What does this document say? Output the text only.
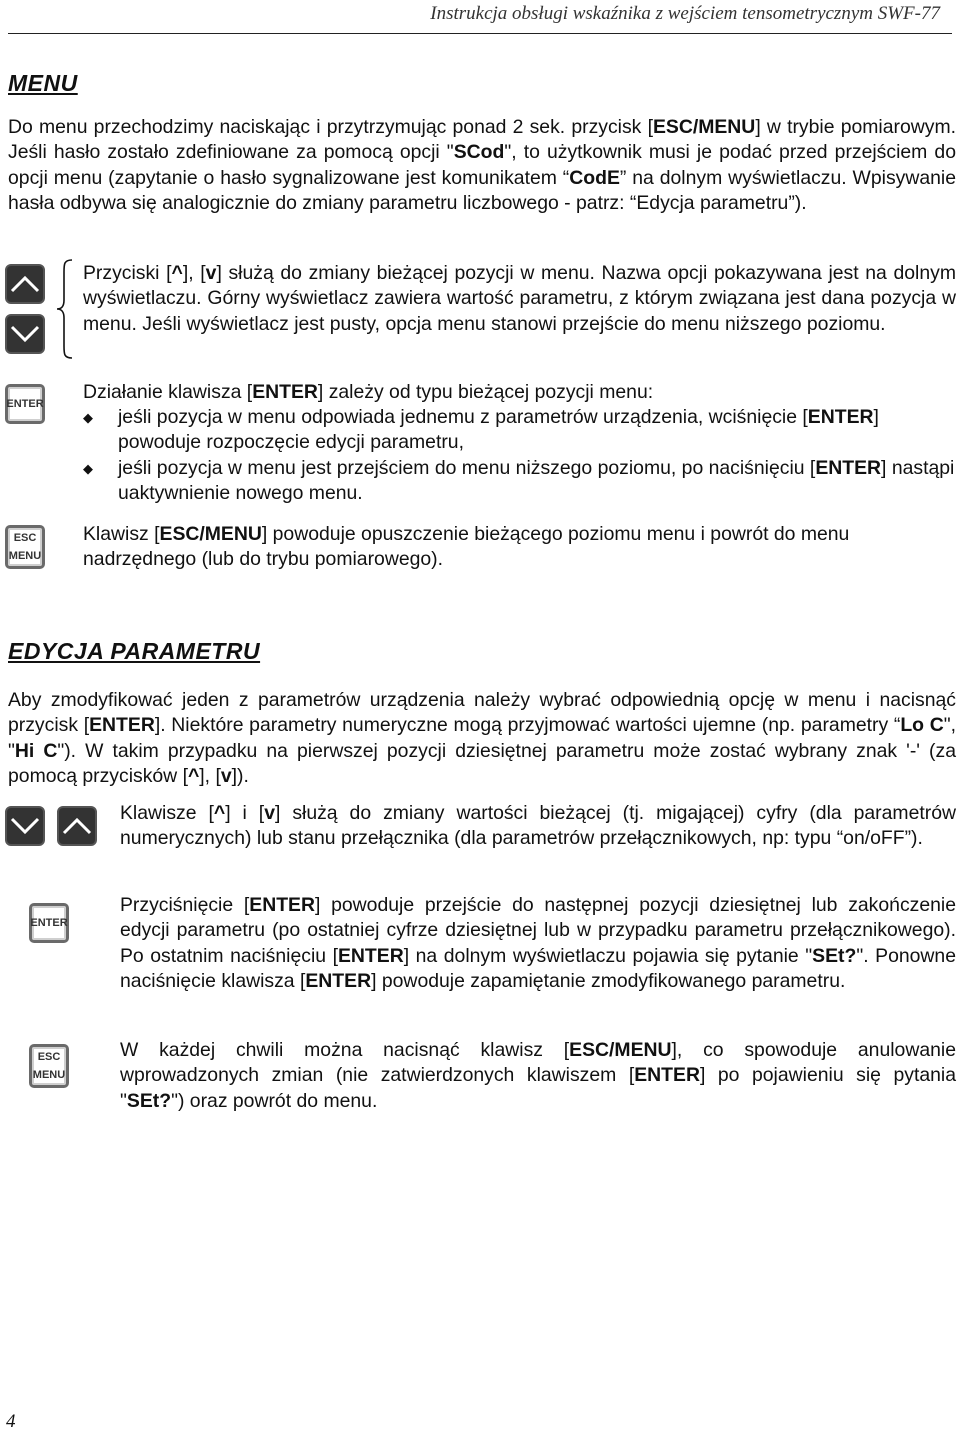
Instrukcja obsługi wskaźnika z wejściem tensometrycznym SWF-77
MENU
Do menu przechodzimy naciskając i przytrzymując ponad 2 sek. przycisk [ESC/MENU] w trybie pomiarowym. Jeśli hasło zostało zdefiniowane za pomocą opcji "SCod", to użytkownik musi je podać przed przejściem do opcji menu (zapytanie o hasło sygnalizowane jest komunikatem “CodE” na dolnym wyświetlaczu. Wpisywanie hasła odbywa się analogicznie do zmiany parametru liczbowego - patrz: “Edycja parametru”).
Przyciski [^], [v] służą do zmiany bieżącej pozycji w menu. Nazwa opcji pokazywana jest na dolnym wyświetlaczu. Górny wyświetlacz zawiera wartość parametru, z którym związana jest dana pozycja w menu. Jeśli wyświetlacz jest pusty, opcja menu stanowi przejście do menu niższego poziomu.
ENTER
Działanie klawisza [ENTER] zależy od typu bieżącej pozycji menu:
◆ jeśli pozycja w menu odpowiada jednemu z parametrów urządzenia, wciśnięcie [ENTER] powoduje rozpoczęcie edycji parametru,
◆ jeśli pozycja w menu jest przejściem do menu niższego poziomu, po naciśnięciu [ENTER] nastąpi uaktywnienie nowego menu.
ESC
MENU
Klawisz [ESC/MENU] powoduje opuszczenie bieżącego poziomu menu i powrót do menu nadrzędnego (lub do trybu pomiarowego).
EDYCJA PARAMETRU
Aby zmodyfikować jeden z parametrów urządzenia należy wybrać odpowiednią opcję w menu i nacisnąć przycisk [ENTER]. Niektóre parametry numeryczne mogą przyjmować wartości ujemne (np. parametry “Lo C", "Hi C"). W takim przypadku na pierwszej pozycji dziesiętnej parametru może zostać wybrany znak '-' (za pomocą przycisków [^], [v]).
Klawisze [^] i [v] służą do zmiany wartości bieżącej (tj. migającej) cyfry (dla parametrów numerycznych) lub stanu przełącznika (dla parametrów przełącznikowych, np: typu “on/oFF”).
ENTER
Przyciśnięcie [ENTER] powoduje przejście do następnej pozycji dziesiętnej lub zakończenie edycji parametru (po ostatniej cyfrze dziesiętnej lub w przypadku parametru przełącznikowego). Po ostatnim naciśnięciu [ENTER] na dolnym wyświetlaczu pojawia się pytanie "SEt?". Ponowne naciśnięcie klawisza [ENTER] powoduje zapamiętanie zmodyfikowanego parametru.
ESC
MENU
W każdej chwili można nacisnąć klawisz [ESC/MENU], co spowoduje anulowanie wprowadzonych zmian (nie zatwierdzonych klawiszem [ENTER] po pojawieniu się pytania "SEt?") oraz powrót do menu.
4
